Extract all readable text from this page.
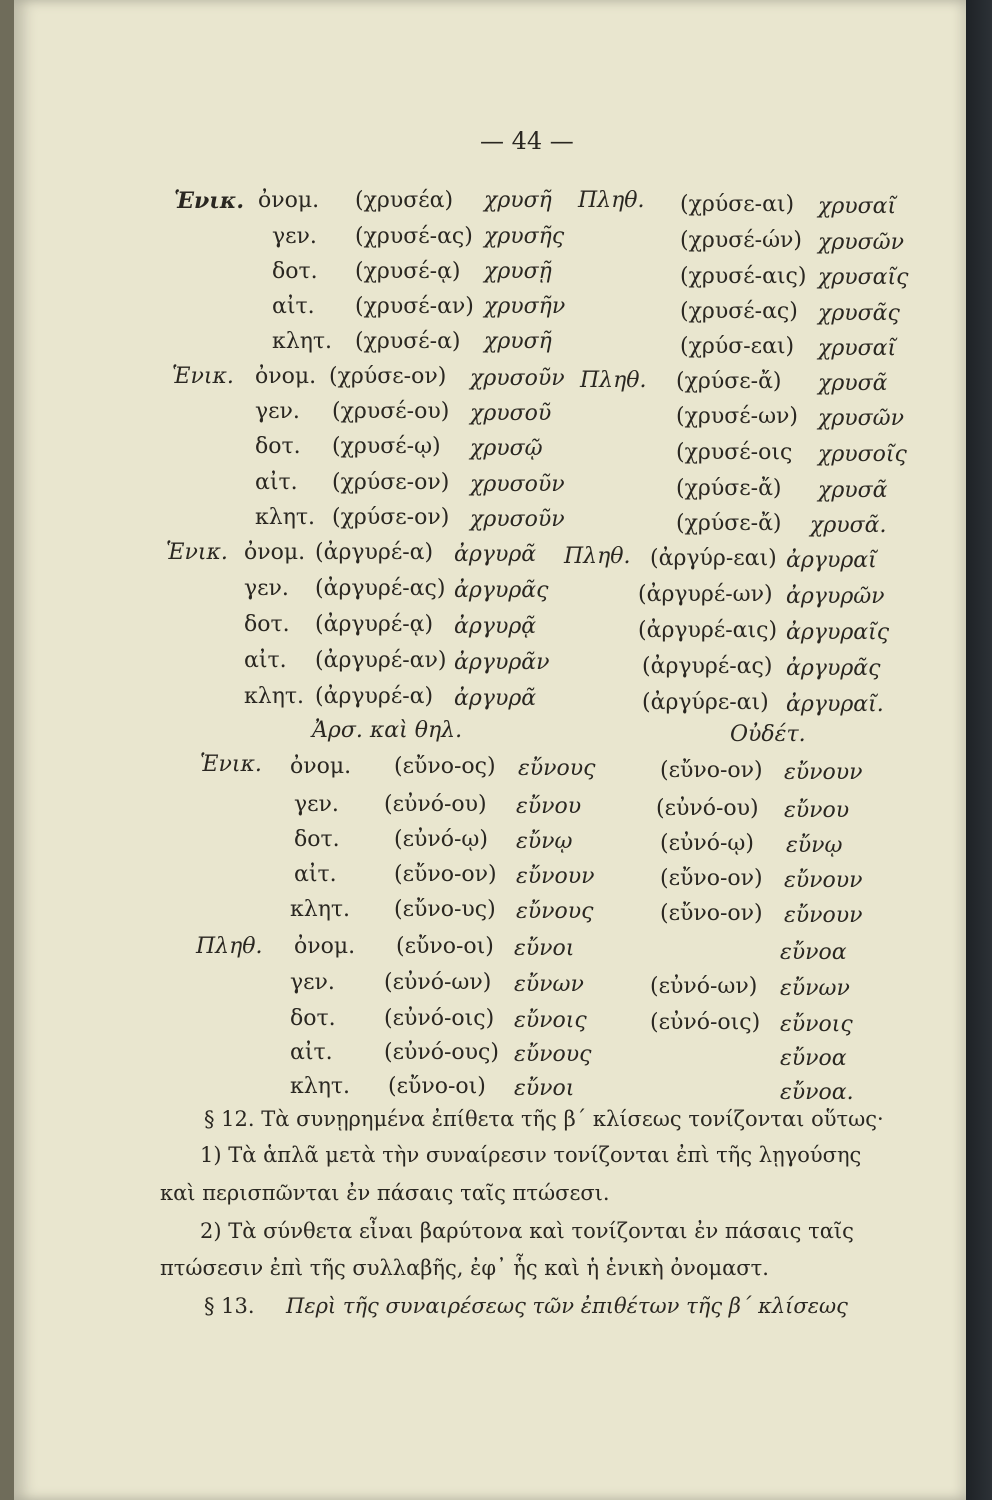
— 44 —
Ἑνικ.	Πληθ.
ὀνομ. (χρυσέα) χρυσῆ	(χρύσε-αι) χρυσαῖ
γεν. (χρυσέ-ας) χρυσῆς	(χρυσέ-ών) χρυσῶν
δοτ. (χρυσέ-ᾳ) χρυσῇ	(χρυσέ-αις) χρυσαῖς
αἰτ. (χρυσέ-αν) χρυσῆν	(χρυσέ-ας) χρυσᾶς
κλητ. (χρυσέ-α) χρυσῆ	(χρύσ-εαι) χρυσαῖ
Ἑνικ.	Πληθ.
ὀνομ. (χρύσε-ον) χρυσοῦν	(χρύσε-ἄ) χρυσᾶ
γεν. (χρυσέ-ου) χρυσοῦ	(χρυσέ-ων) χρυσῶν
δοτ. (χρυσέ-ῳ) χρυσῷ	(χρυσέ-οις χρυσοῖς
αἰτ. (χρύσε-ον) χρυσοῦν	(χρύσε-ἄ) χρυσᾶ
κλητ. (χρύσε-ον) χρυσοῦν	(χρύσε-ἄ) χρυσᾶ.
Ἑνικ.	Πληθ.
ὀνομ. (ἀργυρέ-α) ἀργυρᾶ	(ἀργύρ-εαι) ἀργυραῖ
γεν. (ἀργυρέ-ας) ἀργυρᾶς	(ἀργυρέ-ων) ἀργυρῶν
δοτ. (ἀργυρέ-ᾳ) ἀργυρᾷ	(ἀργυρέ-αις) ἀργυραῖς
αἰτ. (ἀργυρέ-αν) ἀργυρᾶν	(ἀργυρέ-ας) ἀργυρᾶς
κλητ. (ἀργυρέ-α) ἀργυρᾶ	(ἀργύρε-αι) ἀργυραῖ.
Ἀρσ. καὶ θηλ.	Οὐδέτ.
Ἑνικ.
Πληθ.
ὀνομ. (εὔνο-ος) εὔνους	(εὔνο-ον) εὔνουν
γεν. (εὐνό-ου) εὔνου	(εὐνό-ου) εὔνου
δοτ. (εὐνό-ῳ) εὔνῳ	(εὐνό-ῳ) εὔνῳ
αἰτ.	(εὔνο-ον) εὔνουν	(εὔνο-ον) εὔνουν
κλητ. (εὔνο-υς) εὔνους	(εὔνο-ον) εὔνουν
ὀνομ. (εὔνο-οι) εὔνοι	εὔνοα
γεν. (εὐνό-ων) εὔνων	(εὐνό-ων) εὔνων
δοτ. (εὐνό-οις) εὔνοις	(εὐνό-οις) εὔνοις
αἰτ. (εὐνό-ους) εὔνους	εὔνοα
κλητ. (εὔνο-οι) εὔνοι	εὔνοα.
§ 12. Τὰ συνῃρημένα ἐπίθετα τῆς β΄ κλίσεως τονίζονται οὕτως·
1) Τὰ ἁπλᾶ μετὰ τὴν συναίρεσιν τονίζονται ἐπὶ τῆς λῃγούσης
καὶ περισπῶνται ἐν πάσαις ταῖς πτώσεσι.
2) Τὰ σύνθετα εἶναι βαρύτονα καὶ τονίζονται ἐν πάσαις ταῖς
πτώσεσιν ἐπὶ τῆς συλλαβῆς, ἐφ᾿ ἧς καὶ ἡ ἑνικὴ ὀνομαστ.
§ 13. Περὶ τῆς συναιρέσεως τῶν ἐπιθέτων τῆς β΄ κλίσεως
